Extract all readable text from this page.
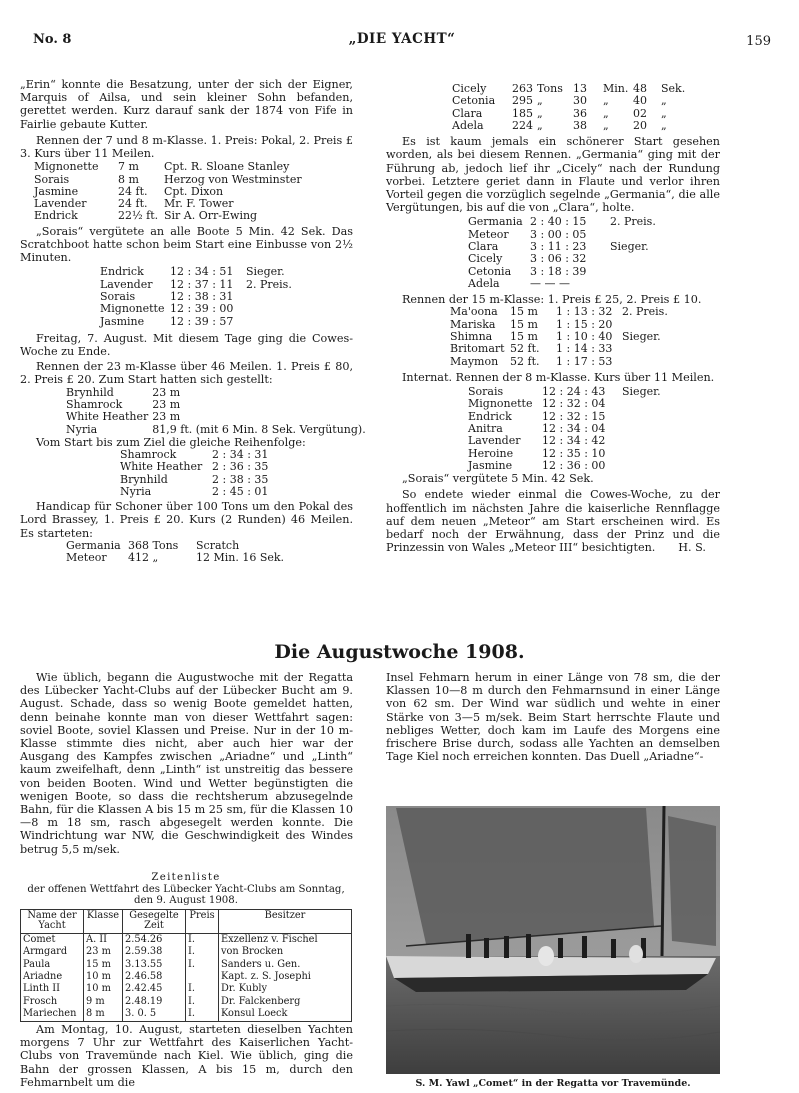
No. 8	„DIE YACHT“	159

„Erin“ konnte die Besatzung, unter der sich der Eigner, Marquis of Ailsa, und sein kleiner Sohn befanden, gerettet werden. Kurz darauf sank der 1874 von Fife in Fairlie gebaute Kutter.

Rennen der 7 und 8 m-Klasse. 1. Preis: Pokal, 2. Preis £ 3. Kurs über 11 Meilen.

Mignonette	7 m	Cpt. R. Sloane Stanley
Sorais	8 m	Herzog von Westminster
Jasmine	24 ft.	Cpt. Dixon
Lavender	24 ft.	Mr. F. Tower
Endrick	22½ ft.	Sir A. Orr-Ewing

„Sorais“ vergütete an alle Boote 5 Min. 42 Sek. Das Scratchboot hatte schon beim Start eine Einbusse von 2½ Minuten.

Endrick	12 : 34 : 51	Sieger.
Lavender	12 : 37 : 11	2. Preis.
Sorais	12 : 38 : 31	
Mignonette	12 : 39 : 00	
Jasmine	12 : 39 : 57	

Freitag, 7. August. Mit diesem Tage ging die Cowes-Woche zu Ende.

Rennen der 23 m-Klasse über 46 Meilen. 1. Preis £ 80, 2. Preis £ 20. Zum Start hatten sich gestellt:

Brynhild	23 m
Shamrock	23 m
White Heather	23 m
Nyria	81,9 ft. (mit 6 Min. 8 Sek. Vergütung).

Vom Start bis zum Ziel die gleiche Reihenfolge:

Shamrock	2 : 34 : 31
White Heather	2 : 36 : 35
Brynhild	2 : 38 : 35
Nyria	2 : 45 : 01

Handicap für Schoner über 100 Tons um den Pokal des Lord Brassey, 1. Preis £ 20. Kurs (2 Runden) 46 Meilen. Es starteten:

Germania	368 Tons	Scratch
Meteor	412 „	12 Min. 16 Sek.
Cicely	263	Tons	13	Min.	48	Sek.
Cetonia	295	„	30	„	40	„
Clara	185	„	36	„	02	„
Adela	224	„	38	„	20	„

Es ist kaum jemals ein schönerer Start gesehen worden, als bei diesem Rennen. „Germania“ ging mit der Führung ab, jedoch lief ihr „Cicely“ nach der Rundung vorbei. Letztere geriet dann in Flaute und verlor ihren Vorteil gegen die vorzüglich segelnde „Germania“, die alle Vergütungen, bis auf die von „Clara“, holte.

Germania	2 : 40 : 15	2. Preis.
Meteor	3 : 00 : 05	
Clara	3 : 11 : 23	Sieger.
Cicely	3 : 06 : 32	
Cetonia	3 : 18 : 39	
Adela	— — —	

Rennen der 15 m-Klasse: 1. Preis £ 25, 2. Preis £ 10.

Ma'oona	15 m	1 : 13 : 32	2. Preis.
Mariska	15 m	1 : 15 : 20	
Shimna	15 m	1 : 10 : 40	Sieger.
Britomart	52 ft.	1 : 14 : 33	
Maymon	52 ft.	1 : 17 : 53	

Internat. Rennen der 8 m-Klasse. Kurs über 11 Meilen.

Sorais	12 : 24 : 43	Sieger.
Mignonette	12 : 32 : 04	
Endrick	12 : 32 : 15	
Anitra	12 : 34 : 04	
Lavender	12 : 34 : 42	
Heroine	12 : 35 : 10	
Jasmine	12 : 36 : 00	

„Sorais“ vergütete 5 Min. 42 Sek.

So endete wieder einmal die Cowes-Woche, zu der hoffentlich im nächsten Jahre die kaiserliche Rennflagge auf dem neuen „Meteor“ am Start erscheinen wird. Es bedarf noch der Erwähnung, dass der Prinz und die Prinzessin von Wales „Meteor III“ besichtigten.	H. S.

Die Augustwoche 1908.

Wie üblich, begann die Augustwoche mit der Regatta des Lübecker Yacht-Clubs auf der Lübecker Bucht am 9. August. Schade, dass so wenig Boote gemeldet hatten, denn beinahe konnte man von dieser Wettfahrt sagen: soviel Boote, soviel Klassen und Preise. Nur in der 10 m-Klasse stimmte dies nicht, aber auch hier war der Ausgang des Kampfes zwischen „Ariadne“ und „Linth“ kaum zweifelhaft, denn „Linth“ ist unstreitig das bessere von beiden Booten. Wind und Wetter begünstigten die wenigen Boote, so dass die rechtsherum abzusegelnde Bahn, für die Klassen A bis 15 m 25 sm, für die Klassen 10—8 m 18 sm, rasch abgesegelt werden konnte. Die Windrichtung war NW, die Geschwindigkeit des Windes betrug 5,5 m/sek.

Zeitenliste
der offenen Wettfahrt des Lübecker Yacht-Clubs am Sonntag,
den 9. August 1908.
Name der Yacht	Klasse	Gesegelte Zeit	Preis	Besitzer
Comet	A. II	2.54.26	I.	Exzellenz v. Fischel
Armgard	23 m	2.59.38	I.	von Brocken
Paula	15 m	3.13.55	I.	Sanders u. Gen.
Ariadne	10 m	2.46.58		Kapt. z. S. Josephi
Linth II	10 m	2.42.45	I.	Dr. Kubly
Frosch	9 m	2.48.19	I.	Dr. Falckenberg
Mariechen	8 m	3. 0. 5	I.	Konsul Loeck

Am Montag, 10. August, starteten dieselben Yachten morgens 7 Uhr zur Wettfahrt des Kaiserlichen Yacht-Clubs von Travemünde nach Kiel. Wie üblich, ging die Bahn der grossen Klassen, A bis 15 m, durch den Fehmarnbelt um die

Insel Fehmarn herum in einer Länge von 78 sm, die der Klassen 10—8 m durch den Fehmarnsund in einer Länge von 62 sm. Der Wind war südlich und wehte in einer Stärke von 3—5 m/sek. Beim Start herrschte Flaute und nebliges Wetter, doch kam im Laufe des Morgens eine frischere Brise durch, sodass alle Yachten an demselben Tage Kiel noch erreichen konnten. Das Duell „Ariadne“-

S. M. Yawl „Comet“ in der Regatta vor Travemünde.
